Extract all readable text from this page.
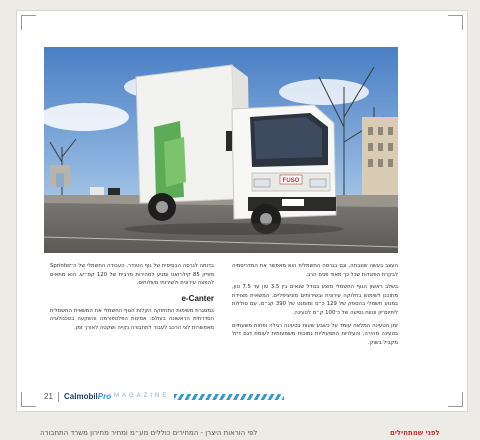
FUSO

העצב בעשה שונבתה, וגם בגרסה החשמלית הוא מאפשר את המדריסמיה לבקרת הפונדות שכל כך מאוד פנים הרב.

בשלב ראשון הגוף החשמלי מוצע בגודל שגאים בין 3.5 טון עד 7.5 טון, מתוכנן לשימוש בחלוקה עירונית ובשירותים מוניציפליים. המשאית מצוידת במנוע חשמלי בהספק של 129 כ״ס ומומנט של 390 קג״מ, עם סוללות ליתיום־יון וטווח נסיעה של כ־100 ק״מ לטעינה.

זמן הטעינה המלאה עומד על כשבע שעות בטעינה רגילה ופחות משעתיים בטעינה מהירה, והעלויות התפעוליות נמוכות משמעותית לעומת דגם דיזל מקביל בשוק.

בדומה לגרסה הבסיסית של גוף הטנדר, העבודה החשמלי של ה־Sprinter מפיק 85 קילו־ואט ומגיע למהירות מרבית של 120 קמ״ש. הוא מתאים להפצה עירונית ולשירותי משלוחים.

e-Canter

במסגרת משימות התחזוקה הקלות הגוף החשמלי את המשאית החשמלית הסדרתית הראשונה בעולם. אמינות הפלטפורמה והשקעה בטכנולוגיה מאפשרות לצי הרכב לעבור לתחבורה נקייה ושקטה לאורך זמן.

21 CalmobilPro MAGAZINE
לפי הוראות היצרן - המחירים כוללים מע״מ ומחיר מחירון משרד התחבורה	לפני שמתחילים
